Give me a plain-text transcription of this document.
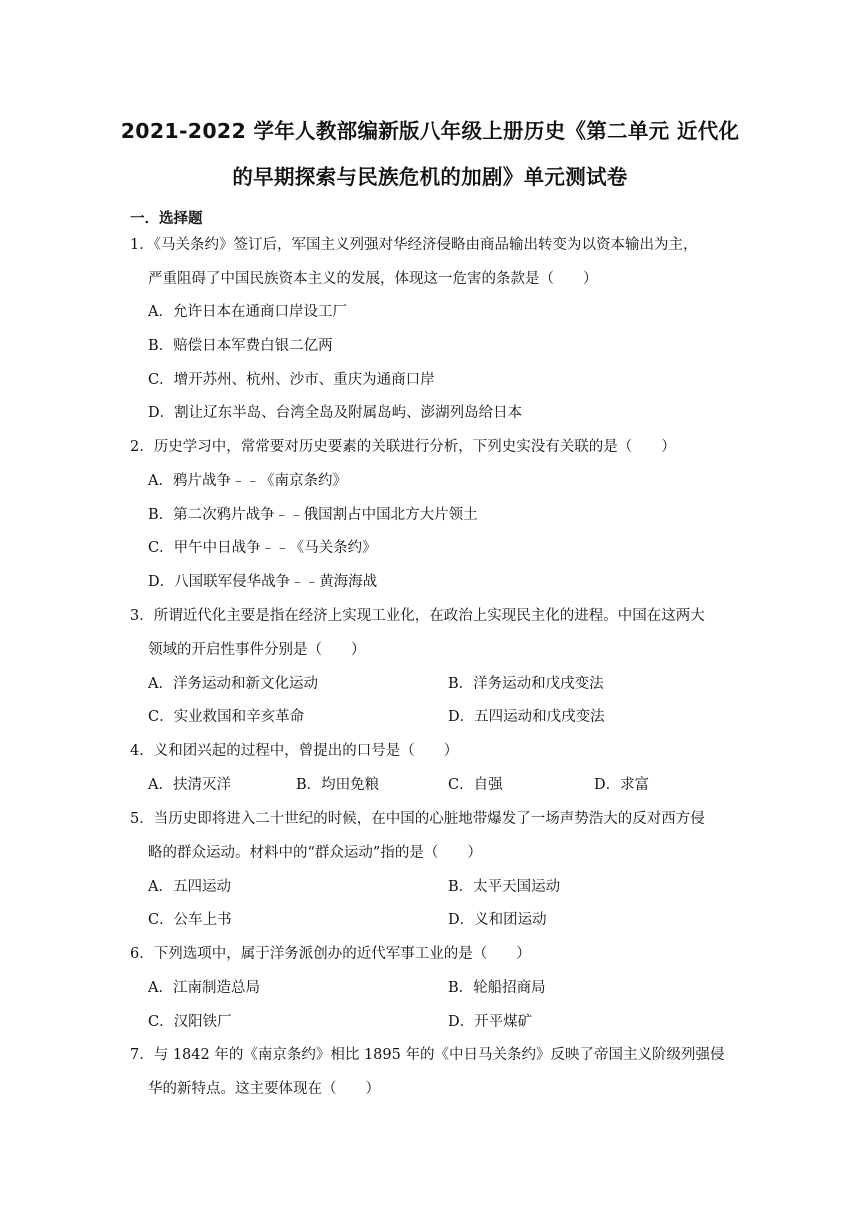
2021-2022 学年人教部编新版八年级上册历史《第二单元 近代化
的早期探索与民族危机的加剧》单元测试卷
一．选择题
1．《马关条约》签订后，军国主义列强对华经济侵略由商品输出转变为以资本输出为主，
严重阻碍了中国民族资本主义的发展，体现这一危害的条款是（　　）
A．允许日本在通商口岸设工厂
B．赔偿日本军费白银二亿两
C．增开苏州、杭州、沙市、重庆为通商口岸
D．割让辽东半岛、台湾全岛及附属岛屿、澎湖列岛给日本
2．历史学习中，常常要对历史要素的关联进行分析，下列史实没有关联的是（　　）
A．鸦片战争﹣﹣《南京条约》
B．第二次鸦片战争﹣﹣俄国割占中国北方大片领土
C．甲午中日战争﹣﹣《马关条约》
D．八国联军侵华战争﹣﹣黄海海战
3．所谓近代化主要是指在经济上实现工业化，在政治上实现民主化的进程。中国在这两大
领域的开启性事件分别是（　　）
A．洋务运动和新文化运动	B．洋务运动和戊戌变法
C．实业救国和辛亥革命	D．五四运动和戊戌变法
4．义和团兴起的过程中，曾提出的口号是（　　）
A．扶清灭洋	B．均田免粮	C．自强	D．求富
5．当历史即将进入二十世纪的时候，在中国的心脏地带爆发了一场声势浩大的反对西方侵
略的群众运动。材料中的“群众运动”指的是（　　）
A．五四运动	B．太平天国运动
C．公车上书	D．义和团运动
6．下列选项中，属于洋务派创办的近代军事工业的是（　　）
A．江南制造总局	B．轮船招商局
C．汉阳铁厂	D．开平煤矿
7．与 1842 年的《南京条约》相比 1895 年的《中日马关条约》反映了帝国主义阶级列强侵
华的新特点。这主要体现在（　　）
